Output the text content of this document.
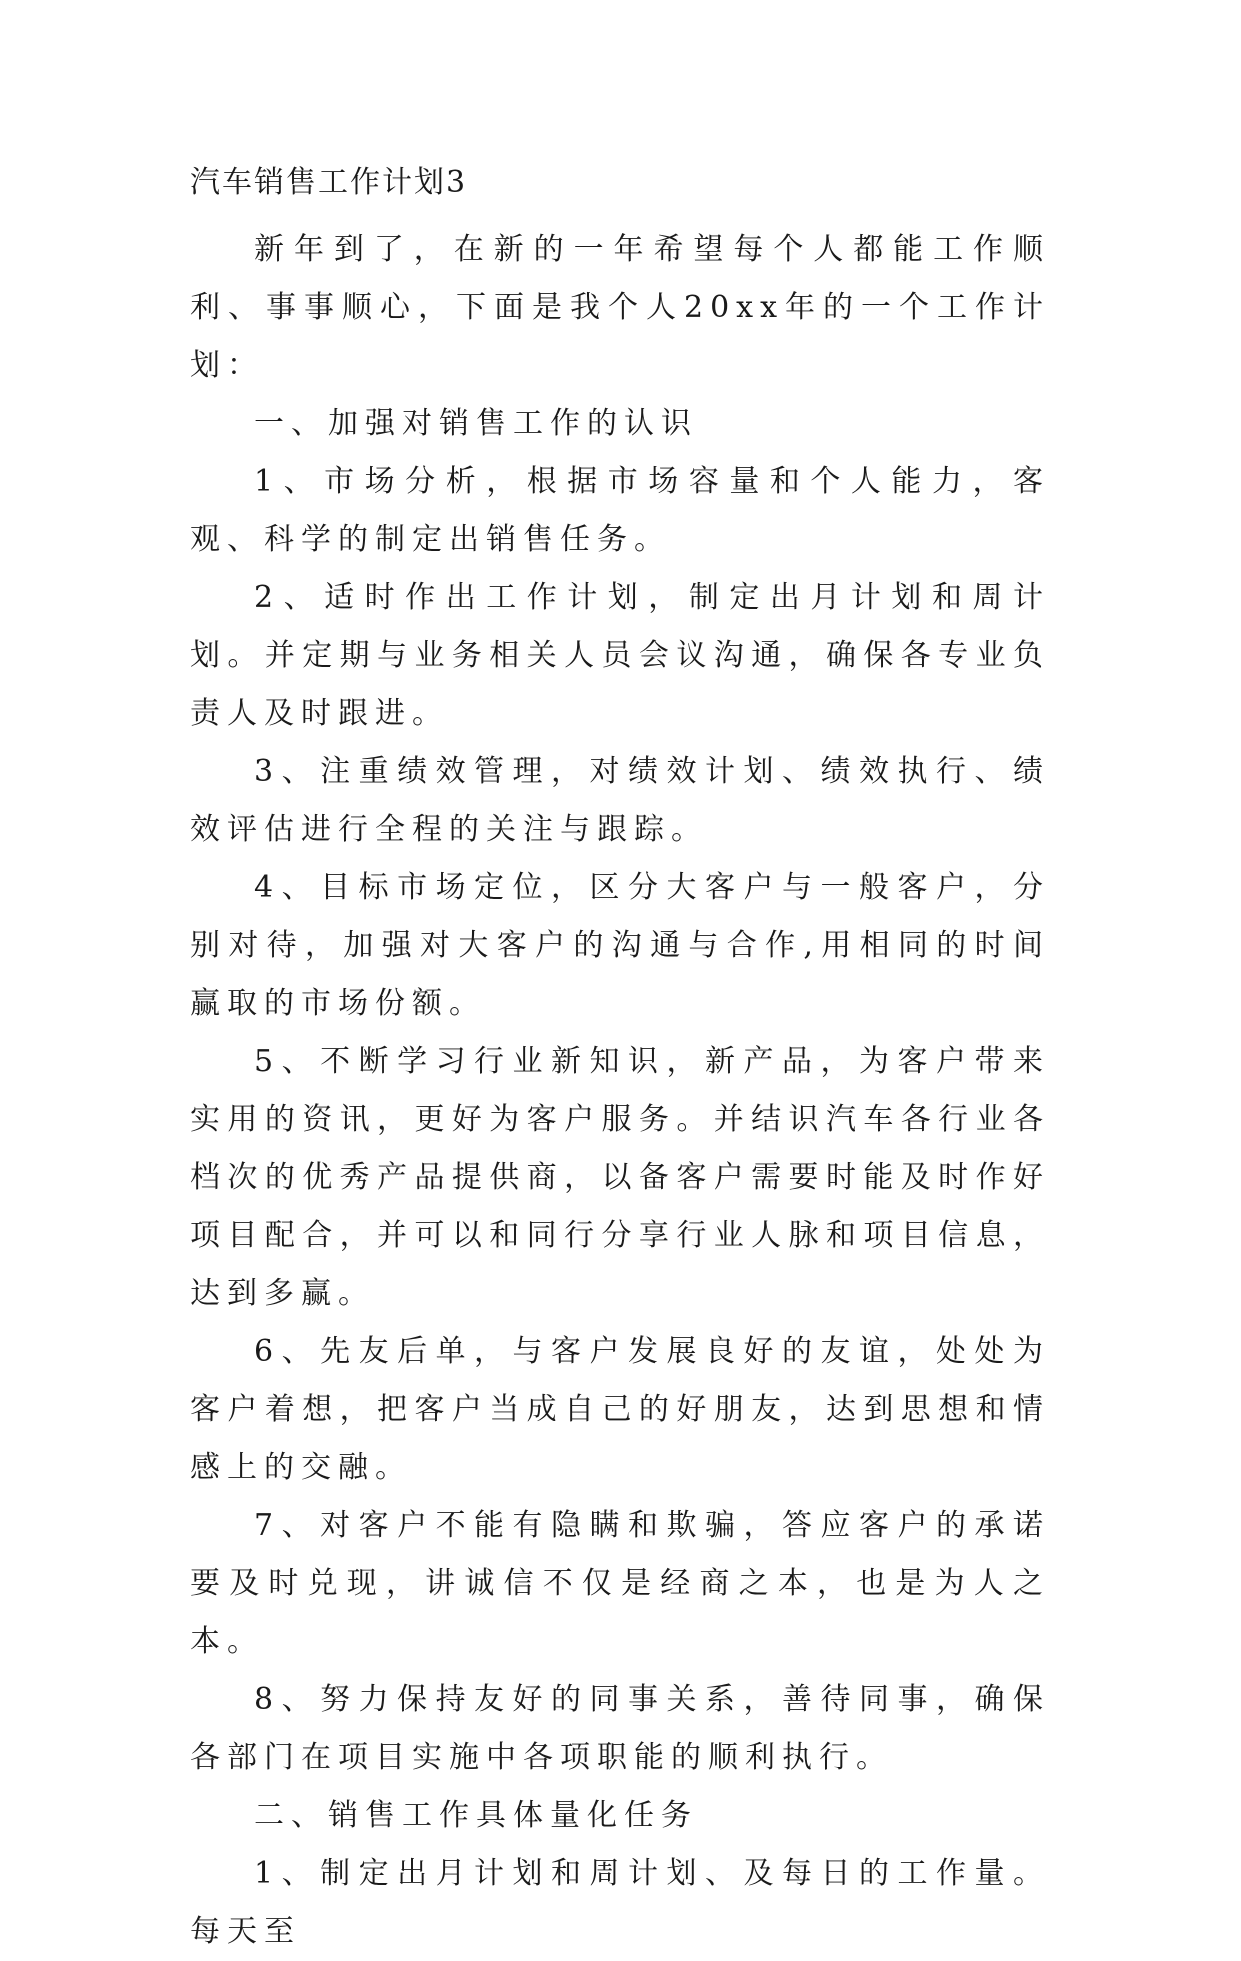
汽车销售工作计划3

新年到了，在新的一年希望每个人都能工作顺利、事事顺心，下面是我个人20xx年的一个工作计划：

一、加强对销售工作的认识

1、市场分析，根据市场容量和个人能力，客观、科学的制定出销售任务。

2、适时作出工作计划，制定出月计划和周计划。并定期与业务相关人员会议沟通，确保各专业负责人及时跟进。

3、注重绩效管理，对绩效计划、绩效执行、绩效评估进行全程的关注与跟踪。

4、目标市场定位，区分大客户与一般客户，分别对待，加强对大客户的沟通与合作,用相同的时间赢取的市场份额。

5、不断学习行业新知识，新产品，为客户带来实用的资讯，更好为客户服务。并结识汽车各行业各档次的优秀产品提供商，以备客户需要时能及时作好项目配合，并可以和同行分享行业人脉和项目信息，达到多赢。

6、先友后单，与客户发展良好的友谊，处处为客户着想，把客户当成自己的好朋友，达到思想和情感上的交融。

7、对客户不能有隐瞒和欺骗，答应客户的承诺要及时兑现，讲诚信不仅是经商之本，也是为人之本。

8、努力保持友好的同事关系，善待同事，确保各部门在项目实施中各项职能的顺利执行。

二、销售工作具体量化任务

1、制定出月计划和周计划、及每日的工作量。每天至
